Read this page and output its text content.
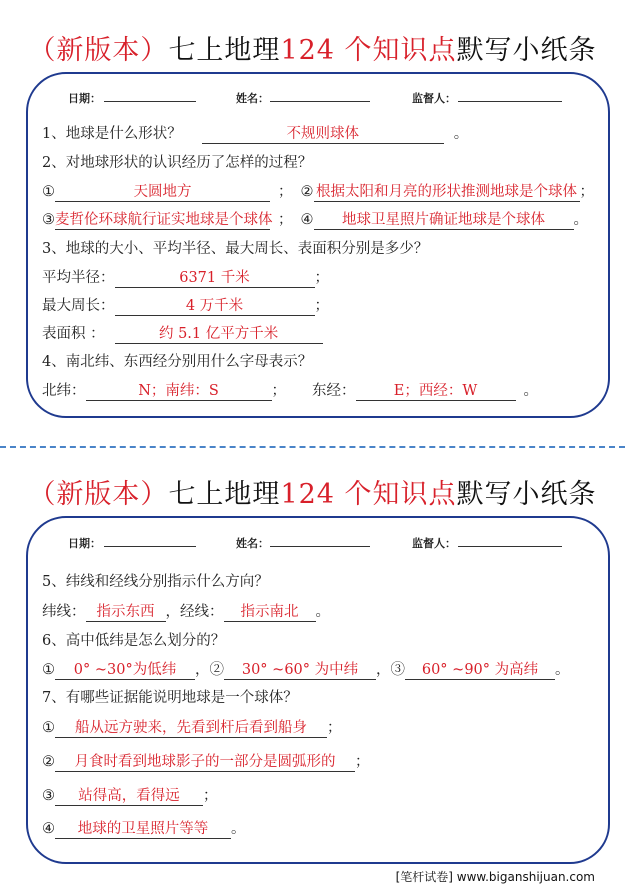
（新版本）七上地理124 个知识点默写小纸条
日期：	姓名：	监督人：
1、地球是什么形状？	不规则球体	。
2、对地球形状的认识经历了怎样的过程？
①	天圆地方	； ② 根据太阳和月亮的形状推测地球是个球体 ；
③麦哲伦环球航行证实地球是个球体 ； ④ 地球卫星照片确证地球是个球体 。
3、地球的大小、平均半径、最大周长、表面积分别是多少？
平均半径：	6371 千米	；
最大周长：	4 万千米	；
表面积 ：	约 5.1 亿平方千米
4、南北纬、东西经分别用什么字母表示？
北纬：	N；南纬：S	； 东经：	E；西经：W	。
（新版本）七上地理124 个知识点默写小纸条
日期：	姓名：	监督人：
5、纬线和经线分别指示什么方向？
纬线： 指示东西 ，经线： 指示南北 。
6、高中低纬是怎么划分的？
① 0° ~30°为低纬 ，② 30° ~60° 为中纬 ，③ 60° ~90° 为高纬 。
7、有哪些证据能说明地球是一个球体？
① 船从远方驶来，先看到杆后看到船身 ；
② 月食时看到地球影子的一部分是圆弧形的 ；
③ 站得高，看得远 ；
④ 地球的卫星照片等等 。
[笔杆试卷] www.biganshijuan.com
